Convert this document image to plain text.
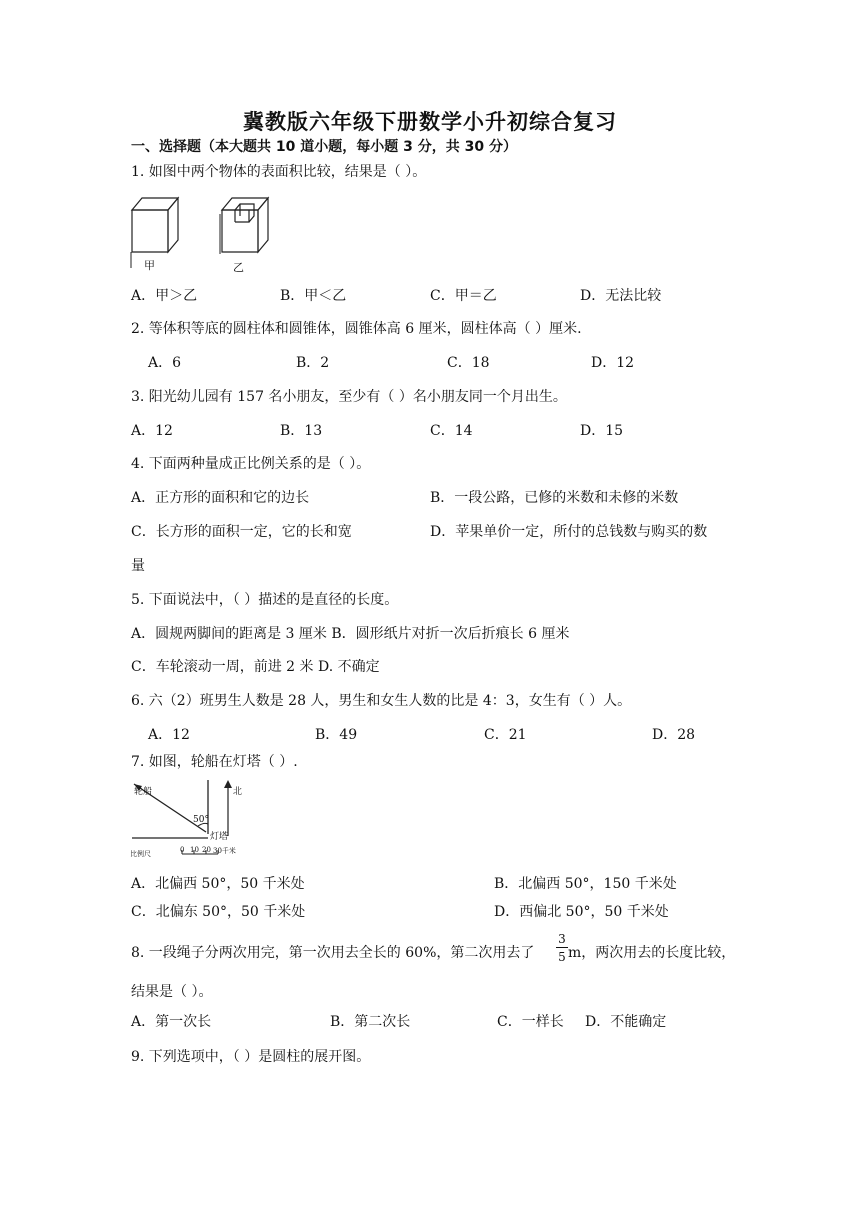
冀教版六年级下册数学小升初综合复习
一、选择题（本大题共 10 道小题，每小题 3 分，共 30 分）
1. 如图中两个物体的表面积比较，结果是（ ）。
甲	乙
A．甲＞乙	B．甲＜乙	C．甲＝乙	D．无法比较
2. 等体积等底的圆柱体和圆锥体，圆锥体高 6 厘米，圆柱体高（ ）厘米.
A．6	B．2	C．18	D．12
3. 阳光幼儿园有 157 名小朋友，至少有（ ）名小朋友同一个月出生。
A．12	B．13	C．14	D．15
4. 下面两种量成正比例关系的是（ ）。
A．正方形的面积和它的边长	B．一段公路，已修的米数和未修的米数
C．长方形的面积一定，它的长和宽	D．苹果单价一定，所付的总钱数与购买的数
量
5. 下面说法中，（ ）描述的是直径的长度。
A．圆规两脚间的距离是 3 厘米 B．圆形纸片对折一次后折痕长 6 厘米
C．车轮滚动一周，前进 2 米 D. 不确定
6. 六（2）班男生人数是 28 人，男生和女生人数的比是 4：3，女生有（ ）人。
A．12	B．49	C．21	D．28
7. 如图，轮船在灯塔（ ）.
轮船	北
50°
灯塔
比例尺	0 10 20 30千米
A．北偏西 50°，50 千米处	B．北偏西 50°，150 千米处
C．北偏东 50°，50 千米处	D．西偏北 50°，50 千米处
8. 一段绳子分两次用完，第一次用去全长的 60%，第二次用去了
3
5 m，两次用去的长度比较，
结果是（ ）。
A．第一次长	B．第二次长	C．一样长 D．不能确定
9. 下列选项中，（ ）是圆柱的展开图。
